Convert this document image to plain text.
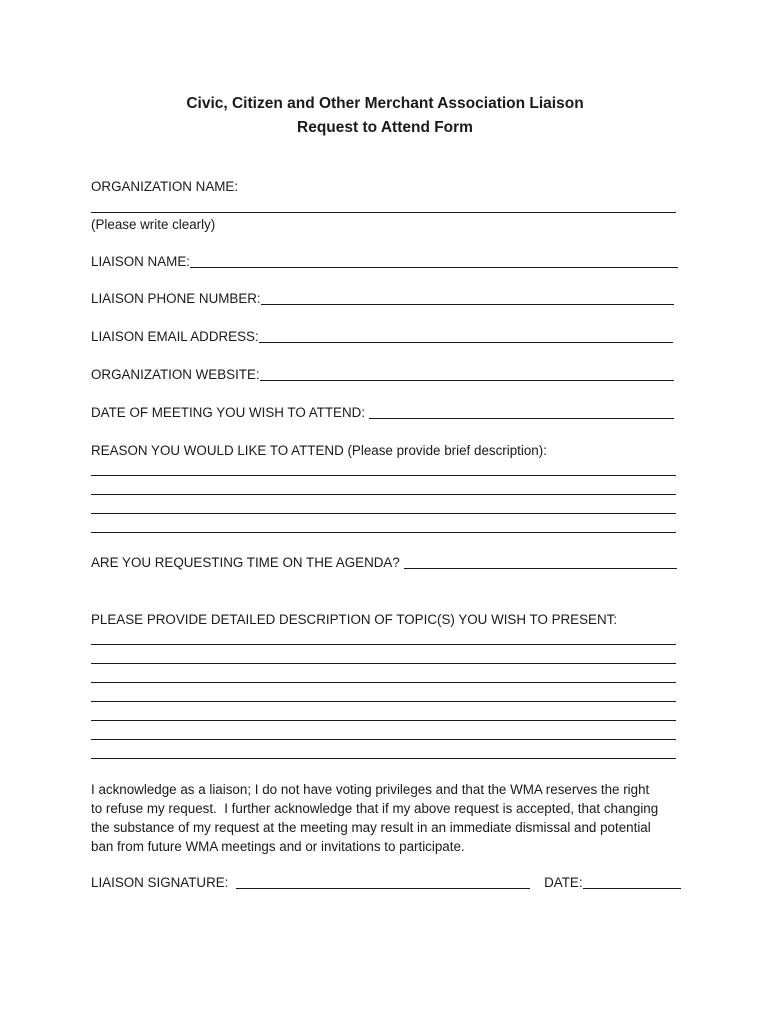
Civic, Citizen and Other Merchant Association Liaison
Request to Attend Form

ORGANIZATION NAME:

(Please write clearly)

LIAISON NAME:
LIAISON PHONE NUMBER:
LIAISON EMAIL ADDRESS:
ORGANIZATION WEBSITE:
DATE OF MEETING YOU WISH TO ATTEND:

REASON YOU WOULD LIKE TO ATTEND (Please provide brief description):

ARE YOU REQUESTING TIME ON THE AGENDA?

PLEASE PROVIDE DETAILED DESCRIPTION OF TOPIC(S) YOU WISH TO PRESENT:

I acknowledge as a liaison; I do not have voting privileges and that the WMA reserves the right
to refuse my request.  I further acknowledge that if my above request is accepted, that changing
the substance of my request at the meeting may result in an immediate dismissal and potential
ban from future WMA meetings and or invitations to participate.
LIAISON SIGNATURE:	DATE:
